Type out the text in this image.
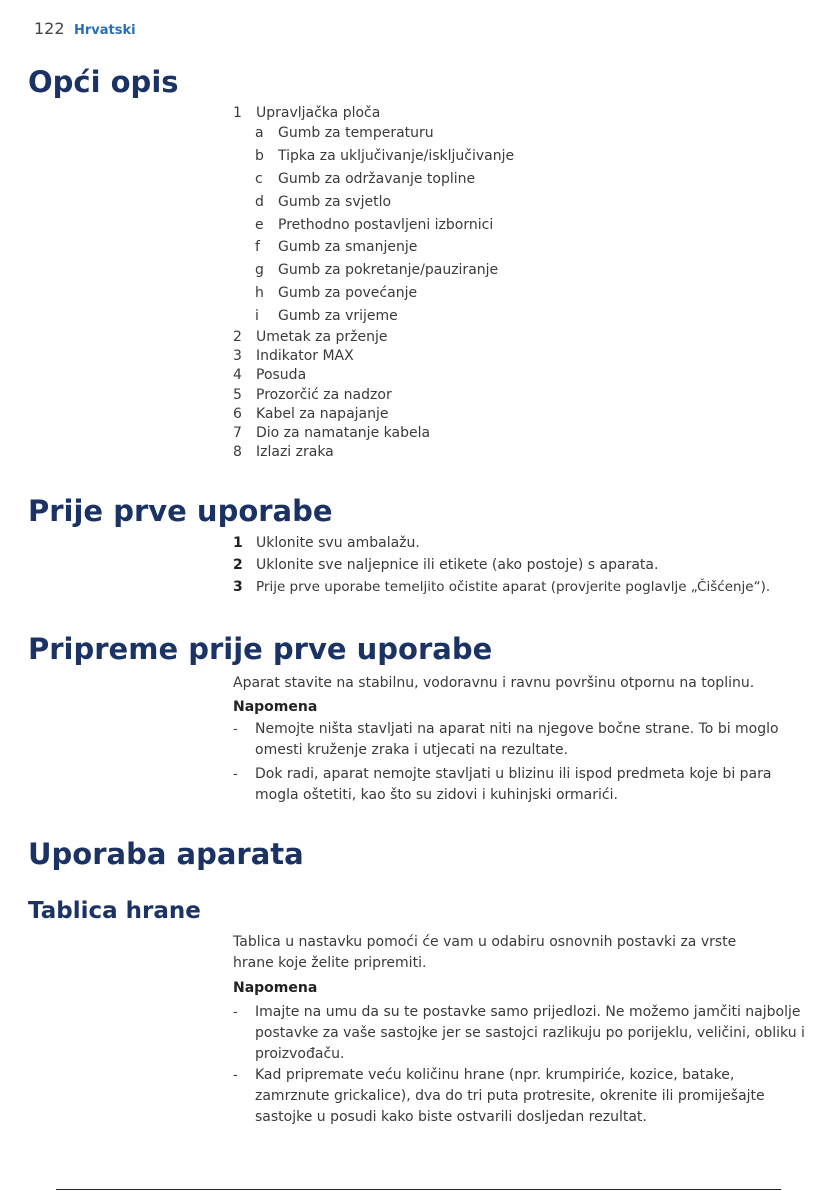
122 Hrvatski
Opći opis
1 Upravljačka ploča
a Gumb za temperaturu
b Tipka za uključivanje/isključivanje
c Gumb za održavanje topline
d Gumb za svjetlo
e Prethodno postavljeni izbornici
f Gumb za smanjenje
g Gumb za pokretanje/pauziranje
h Gumb za povećanje
i Gumb za vrijeme
2 Umetak za prženje
3 Indikator MAX
4 Posuda
5 Prozorčić za nadzor
6 Kabel za napajanje
7 Dio za namatanje kabela
8 Izlazi zraka
Prije prve uporabe
1 Uklonite svu ambalažu.
2 Uklonite sve naljepnice ili etikete (ako postoje) s aparata.
3 Prije prve uporabe temeljito očistite aparat (provjerite poglavlje „Čišćenje“).
Pripreme prije prve uporabe
Aparat stavite na stabilnu, vodoravnu i ravnu površinu otpornu na toplinu.
Napomena
- Nemojte ništa stavljati na aparat niti na njegove bočne strane. To bi moglo omesti kruženje zraka i utjecati na rezultate.
- Dok radi, aparat nemojte stavljati u blizinu ili ispod predmeta koje bi para mogla oštetiti, kao što su zidovi i kuhinjski ormarići.
Uporaba aparata
Tablica hrane
Tablica u nastavku pomoći će vam u odabiru osnovnih postavki za vrste hrane koje želite pripremiti.
Napomena
- Imajte na umu da su te postavke samo prijedlozi. Ne možemo jamčiti najbolje postavke za vaše sastojke jer se sastojci razlikuju po porijeklu, veličini, obliku i proizvođaču.
- Kad pripremate veću količinu hrane (npr. krumpiriće, kozice, batake, zamrznute grickalice), dva do tri puta protresite, okrenite ili promiješajte sastojke u posudi kako biste ostvarili dosljedan rezultat.
